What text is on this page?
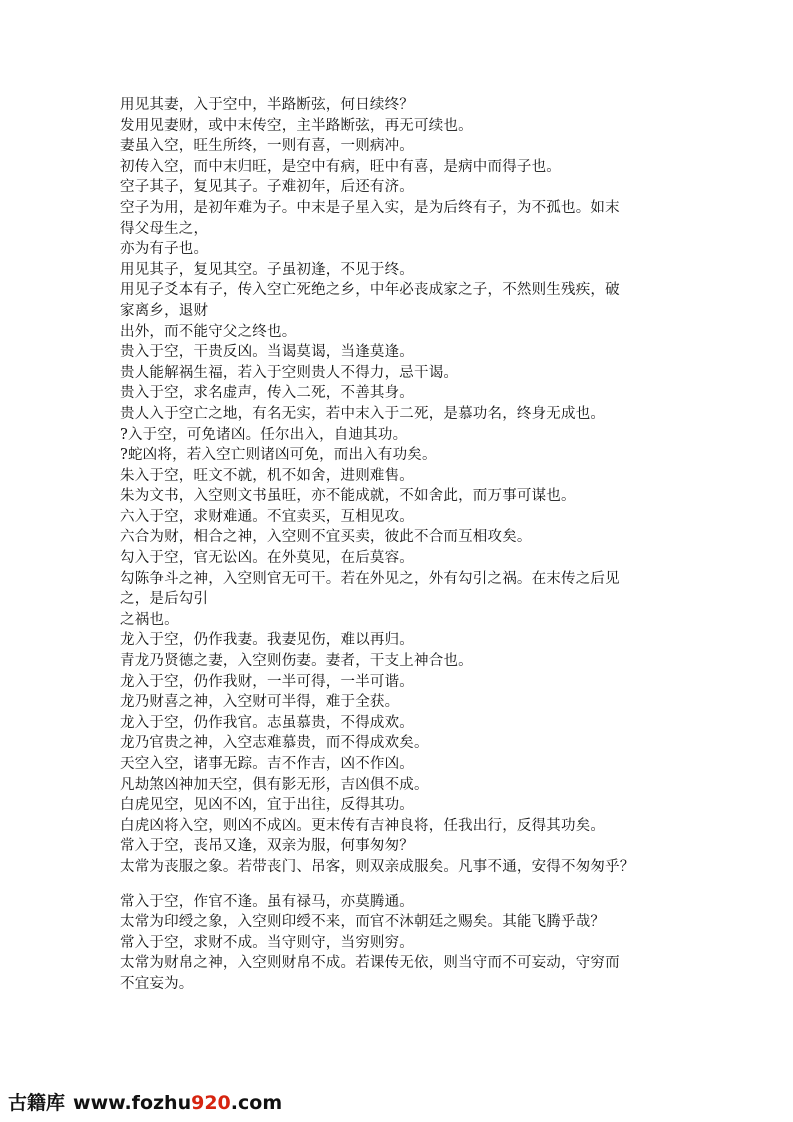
用见其妻，入于空中，半路断弦，何日续终？
发用见妻财，或中末传空，主半路断弦，再无可续也。
妻虽入空，旺生所终，一则有喜，一则病冲。
初传入空，而中末归旺，是空中有病，旺中有喜，是病中而得子也。
空子其子，复见其子。子难初年，后还有济。
空子为用，是初年难为子。中末是子星入实，是为后终有子，为不孤也。如末
得父母生之，
亦为有子也。
用见其子，复见其空。子虽初逢，不见于终。
用见子爻本有子，传入空亡死绝之乡，中年必丧成家之子，不然则生残疾，破
家离乡，退财
出外，而不能守父之终也。
贵入于空，干贵反凶。当谒莫谒，当逢莫逢。
贵人能解祸生福，若入于空则贵人不得力，忌干谒。
贵入于空，求名虚声，传入二死，不善其身。
贵人入于空亡之地，有名无实，若中末入于二死，是慕功名，终身无成也。
?入于空，可免诸凶。任尔出入，自迪其功。
?蛇凶将，若入空亡则诸凶可免，而出入有功矣。
朱入于空，旺文不就，机不如舍，进则难售。
朱为文书，入空则文书虽旺，亦不能成就，不如舍此，而万事可谋也。
六入于空，求财难通。不宜卖买，互相见攻。
六合为财，相合之神，入空则不宜买卖，彼此不合而互相攻矣。
勾入于空，官无讼凶。在外莫见，在后莫容。
勾陈争斗之神，入空则官无可干。若在外见之，外有勾引之祸。在末传之后见
之，是后勾引
之祸也。
龙入于空，仍作我妻。我妻见伤，难以再归。
青龙乃贤德之妻，入空则伤妻。妻者，干支上神合也。
龙入于空，仍作我财，一半可得，一半可谐。
龙乃财喜之神，入空财可半得，难于全获。
龙入于空，仍作我官。志虽慕贵，不得成欢。
龙乃官贵之神，入空志难慕贵，而不得成欢矣。
天空入空，诸事无踪。吉不作吉，凶不作凶。
凡劫煞凶神加天空，俱有影无形，吉凶俱不成。
白虎见空，见凶不凶，宜于出往，反得其功。
白虎凶将入空，则凶不成凶。更末传有吉神良将，任我出行，反得其功矣。
常入于空，丧吊又逢，双亲为服，何事匆匆？
太常为丧服之象。若带丧门、吊客，则双亲成服矣。凡事不通，安得不匆匆乎？
常入于空，作官不逢。虽有禄马，亦莫腾通。
太常为印绶之象，入空则印绶不来，而官不沐朝廷之赐矣。其能飞腾乎哉？
常入于空，求财不成。当守则守，当穷则穷。
太常为财帛之神，入空则财帛不成。若课传无依，则当守而不可妄动，守穷而
不宜妄为。
古籍库 www.fozhu920.com
